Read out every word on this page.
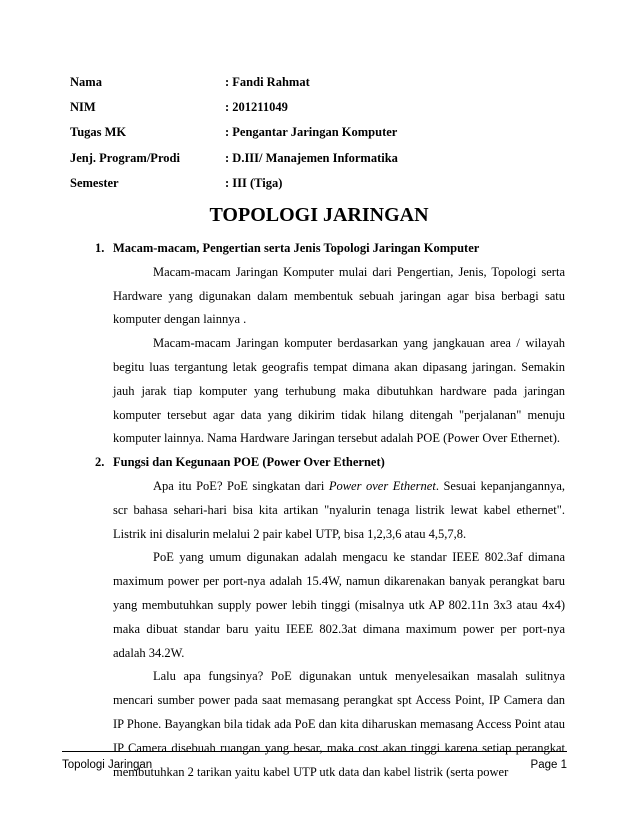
Nama	: Fandi Rahmat
NIM	: 201211049
Tugas MK	: Pengantar Jaringan Komputer
Jenj. Program/Prodi	: D.III/ Manajemen Informatika
Semester	: III (Tiga)
TOPOLOGI JARINGAN
1. Macam-macam, Pengertian serta Jenis Topologi Jaringan Komputer

Macam-macam Jaringan Komputer mulai dari Pengertian, Jenis, Topologi serta Hardware yang digunakan dalam membentuk sebuah jaringan agar bisa berbagi satu komputer dengan lainnya .

Macam-macam Jaringan komputer berdasarkan yang jangkauan area / wilayah begitu luas tergantung letak geografis tempat dimana akan dipasang jaringan. Semakin jauh jarak tiap komputer yang terhubung maka dibutuhkan hardware pada jaringan komputer tersebut agar data yang dikirim tidak hilang ditengah "perjalanan" menuju komputer lainnya. Nama Hardware Jaringan tersebut adalah POE (Power Over Ethernet).

2. Fungsi dan Kegunaan POE (Power Over Ethernet)

Apa itu PoE? PoE singkatan dari Power over Ethernet. Sesuai kepanjangannya, scr bahasa sehari-hari bisa kita artikan "nyalurin tenaga listrik lewat kabel ethernet". Listrik ini disalurin melalui 2 pair kabel UTP, bisa 1,2,3,6 atau 4,5,7,8.

PoE yang umum digunakan adalah mengacu ke standar IEEE 802.3af dimana maximum power per port-nya adalah 15.4W, namun dikarenakan banyak perangkat baru yang membutuhkan supply power lebih tinggi (misalnya utk AP 802.11n 3x3 atau 4x4) maka dibuat standar baru yaitu IEEE 802.3at dimana maximum power per port-nya adalah 34.2W.

Lalu apa fungsinya? PoE digunakan untuk menyelesaikan masalah sulitnya mencari sumber power pada saat memasang perangkat spt Access Point, IP Camera dan IP Phone. Bayangkan bila tidak ada PoE dan kita diharuskan memasang Access Point atau IP Camera disebuah ruangan yang besar, maka cost akan tinggi karena setiap perangkat membutuhkan 2 tarikan yaitu kabel UTP utk data dan kabel listrik (serta power

Topologi Jaringan	Page 1
